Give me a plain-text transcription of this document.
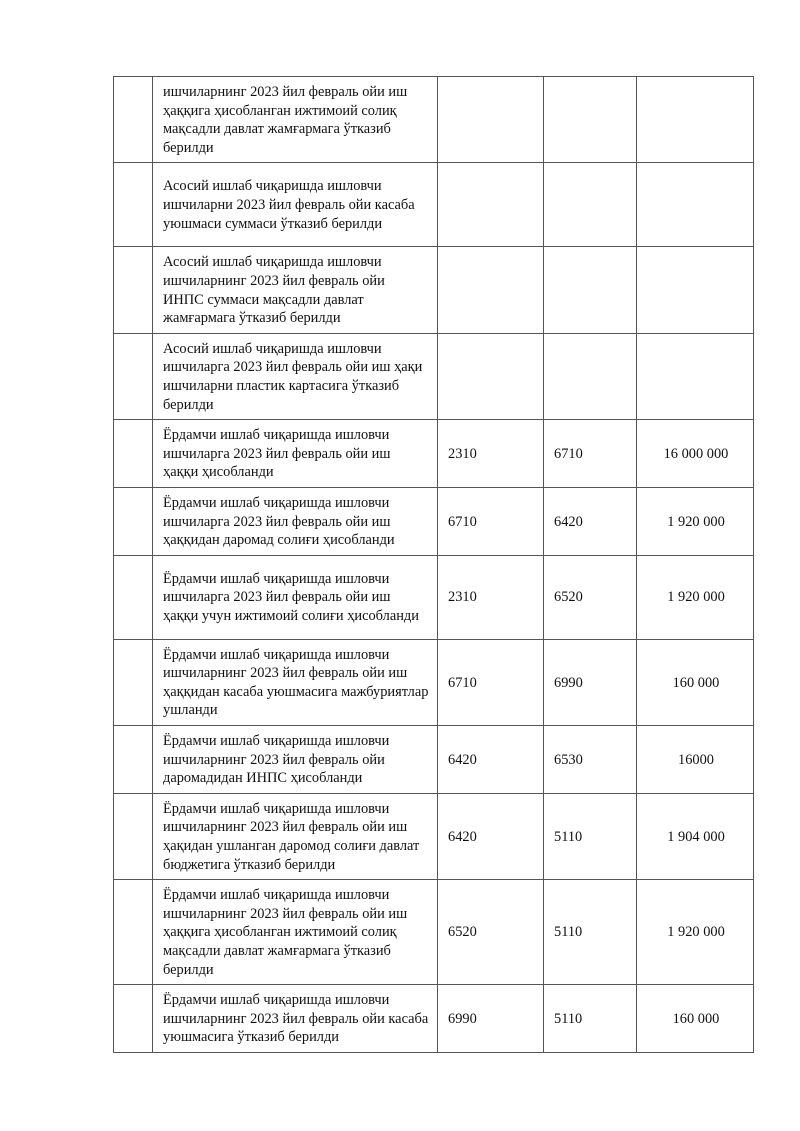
	ишчиларнинг 2023 йил февраль ойи иш ҳаққига ҳисобланган ижтимоий солиқ мақсадли давлат жамғармага ўтказиб берилди			
	Асосий ишлаб чиқаришда ишловчи ишчиларни 2023 йил февраль ойи касаба уюшмаси суммаси ўтказиб берилди			
	Асосий ишлаб чиқаришда ишловчи ишчиларнинг 2023 йил февраль ойи ИНПС суммаси мақсадли давлат жамғармага ўтказиб берилди			
	Асосий ишлаб чиқаришда ишловчи ишчиларга 2023 йил февраль ойи иш ҳақи ишчиларни пластик картасига ўтказиб берилди			
	Ёрдамчи ишлаб чиқаришда ишловчи ишчиларга 2023 йил февраль ойи иш ҳаққи ҳисобланди	2310	6710	16 000 000
	Ёрдамчи ишлаб чиқаришда ишловчи ишчиларга 2023 йил февраль ойи иш ҳаққидан даромад солиғи ҳисобланди	6710	6420	1 920 000
	Ёрдамчи ишлаб чиқаришда ишловчи ишчиларга 2023 йил февраль ойи иш ҳаққи учун ижтимоий солиғи ҳисобланди	2310	6520	1 920 000
	Ёрдамчи ишлаб чиқаришда ишловчи ишчиларнинг 2023 йил февраль ойи иш ҳаққидан касаба уюшмасига мажбуриятлар ушланди	6710	6990	160 000
	Ёрдамчи ишлаб чиқаришда ишловчи ишчиларнинг 2023 йил февраль ойи даромадидан ИНПС ҳисобланди	6420	6530	16000
	Ёрдамчи ишлаб чиқаришда ишловчи ишчиларнинг 2023 йил февраль ойи иш ҳақидан ушланган даромод солиғи давлат бюджетига ўтказиб берилди	6420	5110	1 904 000
	Ёрдамчи ишлаб чиқаришда ишловчи ишчиларнинг 2023 йил февраль ойи иш ҳаққига ҳисобланган ижтимоий солиқ мақсадли давлат жамғармага ўтказиб берилди	6520	5110	1 920 000
	Ёрдамчи ишлаб чиқаришда ишловчи ишчиларнинг 2023 йил февраль ойи касаба уюшмасига ўтказиб берилди	6990	5110	160 000
